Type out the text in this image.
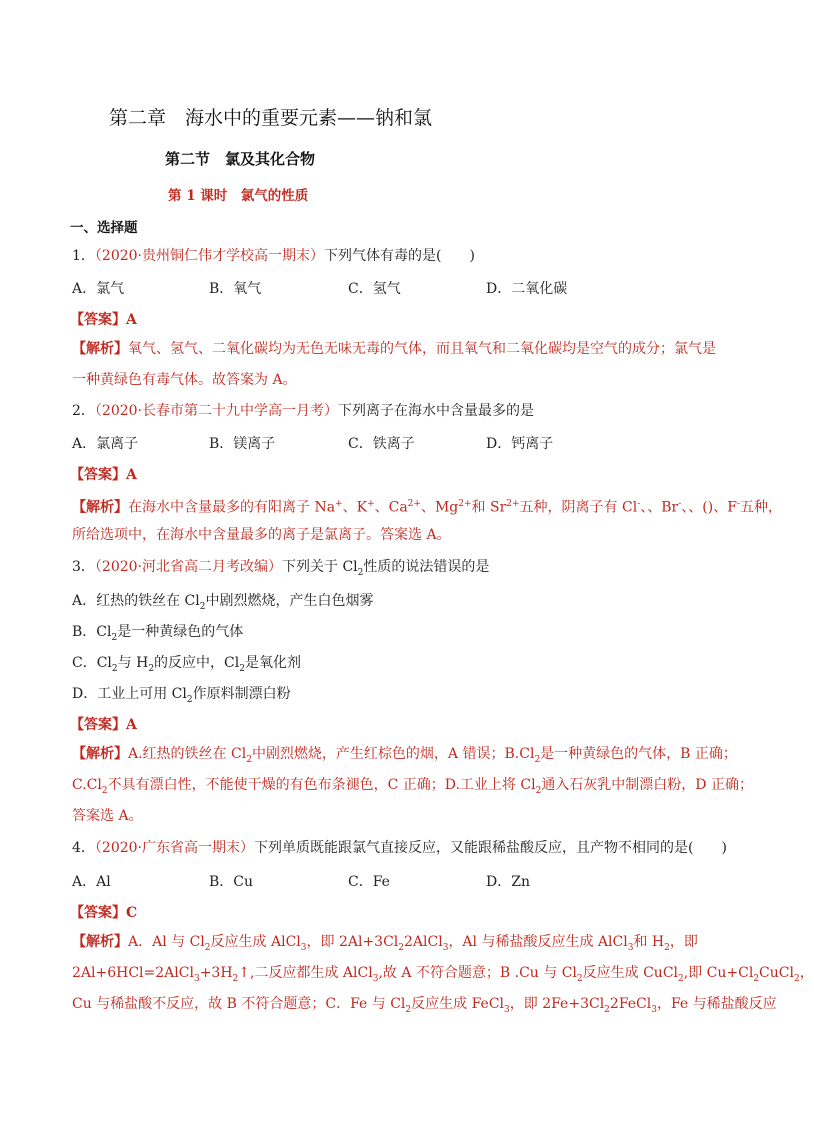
第二章　海水中的重要元素——钠和氯
第二节　氯及其化合物
第 1 课时　氯气的性质
一、选择题
1．（2020·贵州铜仁伟才学校高一期末）下列气体有毒的是(　　)
A．氯气	B．氧气	C．氢气	D．二氧化碳
【答案】A
【解析】氧气、氢气、二氧化碳均为无色无味无毒的气体，而且氧气和二氧化碳均是空气的成分；氯气是
一种黄绿色有毒气体。故答案为 A。
2．（2020·长春市第二十九中学高一月考）下列离子在海水中含量最多的是
A．氯离子	B．镁离子	C．铁离子	D．钙离子
【答案】A
【解析】在海水中含量最多的有阳离子 Na+、K+、$Ca^{2+}$、$Mg^{2+}$和 $Sr^{2+}$五种，阴离子有 Cl-、、Br-、、()、F-五种，
所给选项中，在海水中含量最多的离子是氯离子。答案选 A。
3．（2020·河北省高二月考改编）下列关于 $Cl_2$性质的说法错误的是
A．红热的铁丝在 $Cl_2$中剧烈燃烧，产生白色烟雾
B．$Cl_2$是一种黄绿色的气体
C．$Cl_2$与 $H_2$的反应中，$Cl_2$是氧化剂
D．工业上可用 $Cl_2$作原料制漂白粉
【答案】A
【解析】A.红热的铁丝在 $Cl_2$中剧烈燃烧，产生红棕色的烟，A 错误；$B.Cl_2$是一种黄绿色的气体，B 正确；
$C.Cl_2$不具有漂白性，不能使干燥的有色布条褪色，C 正确；D.工业上将 $Cl_2$通入石灰乳中制漂白粉，D 正确；
答案选 A。
4．（2020·广东省高一期末）下列单质既能跟氯气直接反应，又能跟稀盐酸反应，且产物不相同的是(　　)
A．Al	B．Cu	C．Fe	D．Zn
【答案】C
【解析】A．Al 与 $Cl_2$反应生成 AlCl$_3$，即 $2Al+3Cl_22AlCl_3$，Al 与稀盐酸反应生成 AlCl$_3$和 $H_2$，即
$2Al+6HCl=2AlCl_3+3H_2↑$,二反应都生成 AlCl$_3$,故 A 不符合题意；B .Cu 与 $Cl_2$反应生成 CuCl$_2$,即 $Cu+Cl_2CuCl_2$，
Cu 与稀盐酸不反应，故 B 不符合题意；C．Fe 与 $Cl_2$反应生成 FeCl$_3$，即 $2Fe+3Cl_22FeCl_3$，Fe 与稀盐酸反应
